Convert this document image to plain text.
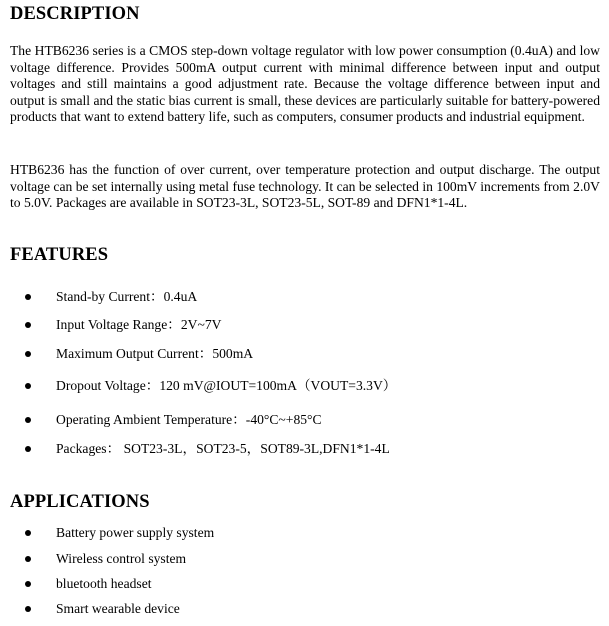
DESCRIPTION
The HTB6236 series is a CMOS step-down voltage regulator with low power consumption (0.4uA) and low voltage difference. Provides 500mA output current with minimal difference between input and output voltages and still maintains a good adjustment rate. Because the voltage difference between input and output is small and the static bias current is small, these devices are particularly suitable for battery-powered products that want to extend battery life, such as computers, consumer products and industrial equipment.
HTB6236 has the function of over current, over temperature protection and output discharge. The output voltage can be set internally using metal fuse technology. It can be selected in 100mV increments from 2.0V to 5.0V. Packages are available in SOT23-3L, SOT23-5L, SOT-89 and DFN1*1-4L.
FEATURES
Stand-by Current：0.4uA
Input Voltage Range：2V~7V
Maximum Output Current：500mA
Dropout Voltage：120 mV@IOUT=100mA（VOUT=3.3V）
Operating Ambient Temperature：-40°C~+85°C
Packages： SOT23-3L，SOT23-5，SOT89-3L,DFN1*1-4L
APPLICATIONS
Battery power supply system
Wireless control system
bluetooth headset
Smart wearable device
